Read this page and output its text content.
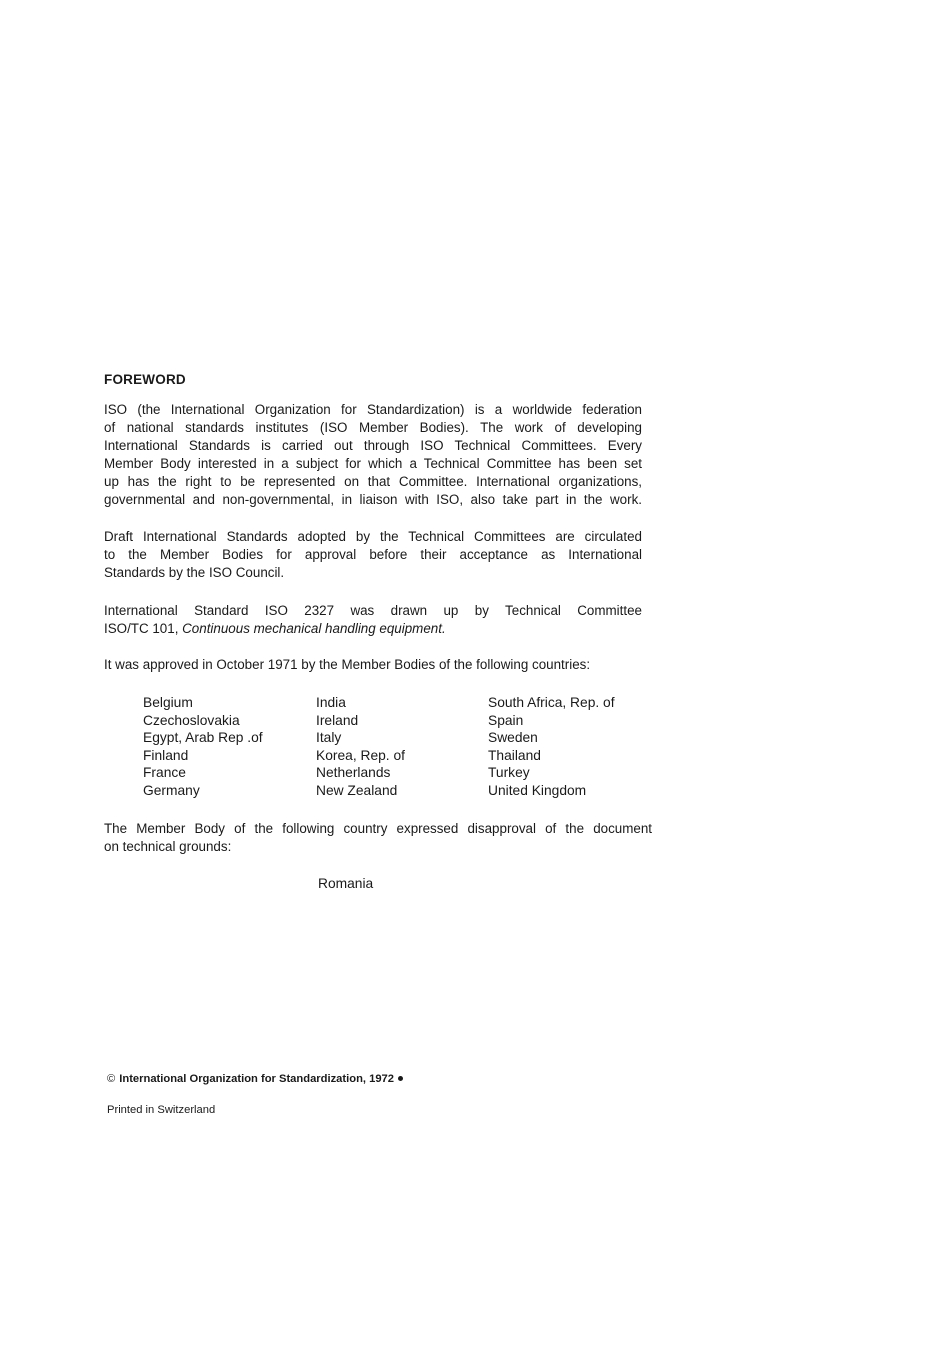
FOREWORD
ISO (the International Organization for Standardization) is a worldwide federation
of national standards institutes (ISO Member Bodies). The work of developing
International Standards is carried out through ISO Technical Committees. Every
Member Body interested in a subject for which a Technical Committee has been set
up has the right to be represented on that Committee. International organizations,
governmental and non-governmental, in liaison with ISO, also take part in the work.
Draft International Standards adopted by the Technical Committees are circulated
to the Member Bodies for approval before their acceptance as International
Standards by the ISO Council.
International Standard ISO 2327 was drawn up by Technical Committee
ISO/TC 101, Continuous mechanical handling equipment.
It was approved in October 1971 by the Member Bodies of the following countries:
Belgium
Czechoslovakia
Egypt, Arab Rep .of
Finland
France
Germany
India
Ireland
Italy
Korea, Rep. of
Netherlands
New Zealand
South Africa, Rep. of
Spain
Sweden
Thailand
Turkey
United Kingdom
The Member Body of the following country expressed disapproval of the document
on technical grounds:
Romania
© International Organization for Standardization, 1972
Printed in Switzerland
